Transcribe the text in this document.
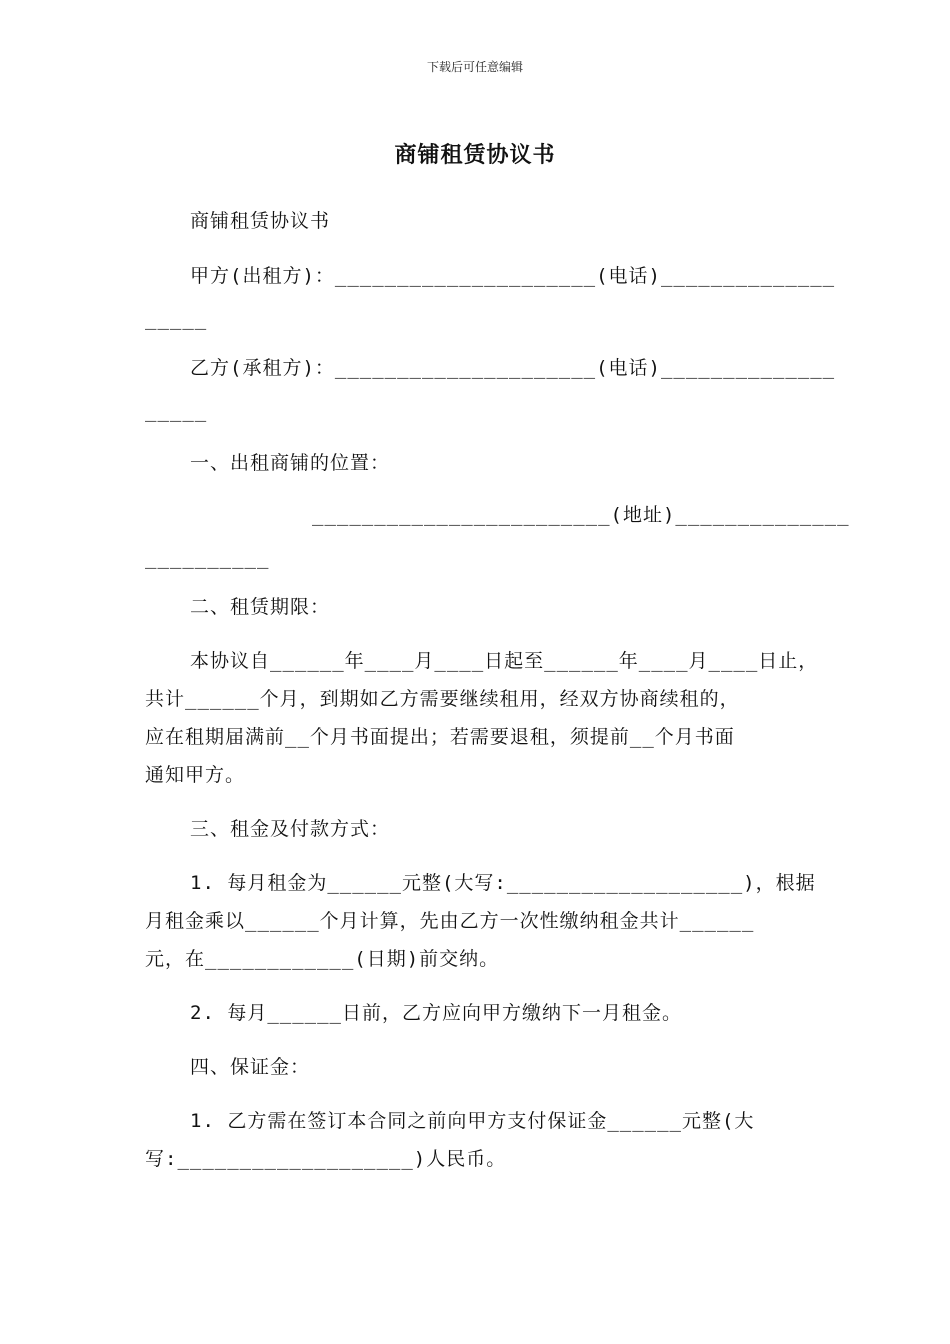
下载后可任意编辑
商铺租赁协议书
商铺租赁协议书
甲方(出租方)：_____________________(电话)______________
_____
乙方(承租方)：_____________________(电话)______________
_____
一、出租商铺的位置：
________________________(地址)______________
__________
二、租赁期限：
本协议自______年____月____日起至______年____月____日止，
共计______个月，到期如乙方需要继续租用，经双方协商续租的，
应在租期届满前__个月书面提出；若需要退租，须提前__个月书面
通知甲方。
三、租金及付款方式：
1. 每月租金为______元整(大写:___________________)，根据
月租金乘以______个月计算，先由乙方一次性缴纳租金共计______
元，在____________(日期)前交纳。
2. 每月______日前，乙方应向甲方缴纳下一月租金。
四、保证金：
1. 乙方需在签订本合同之前向甲方支付保证金______元整(大
写:___________________)人民币。
